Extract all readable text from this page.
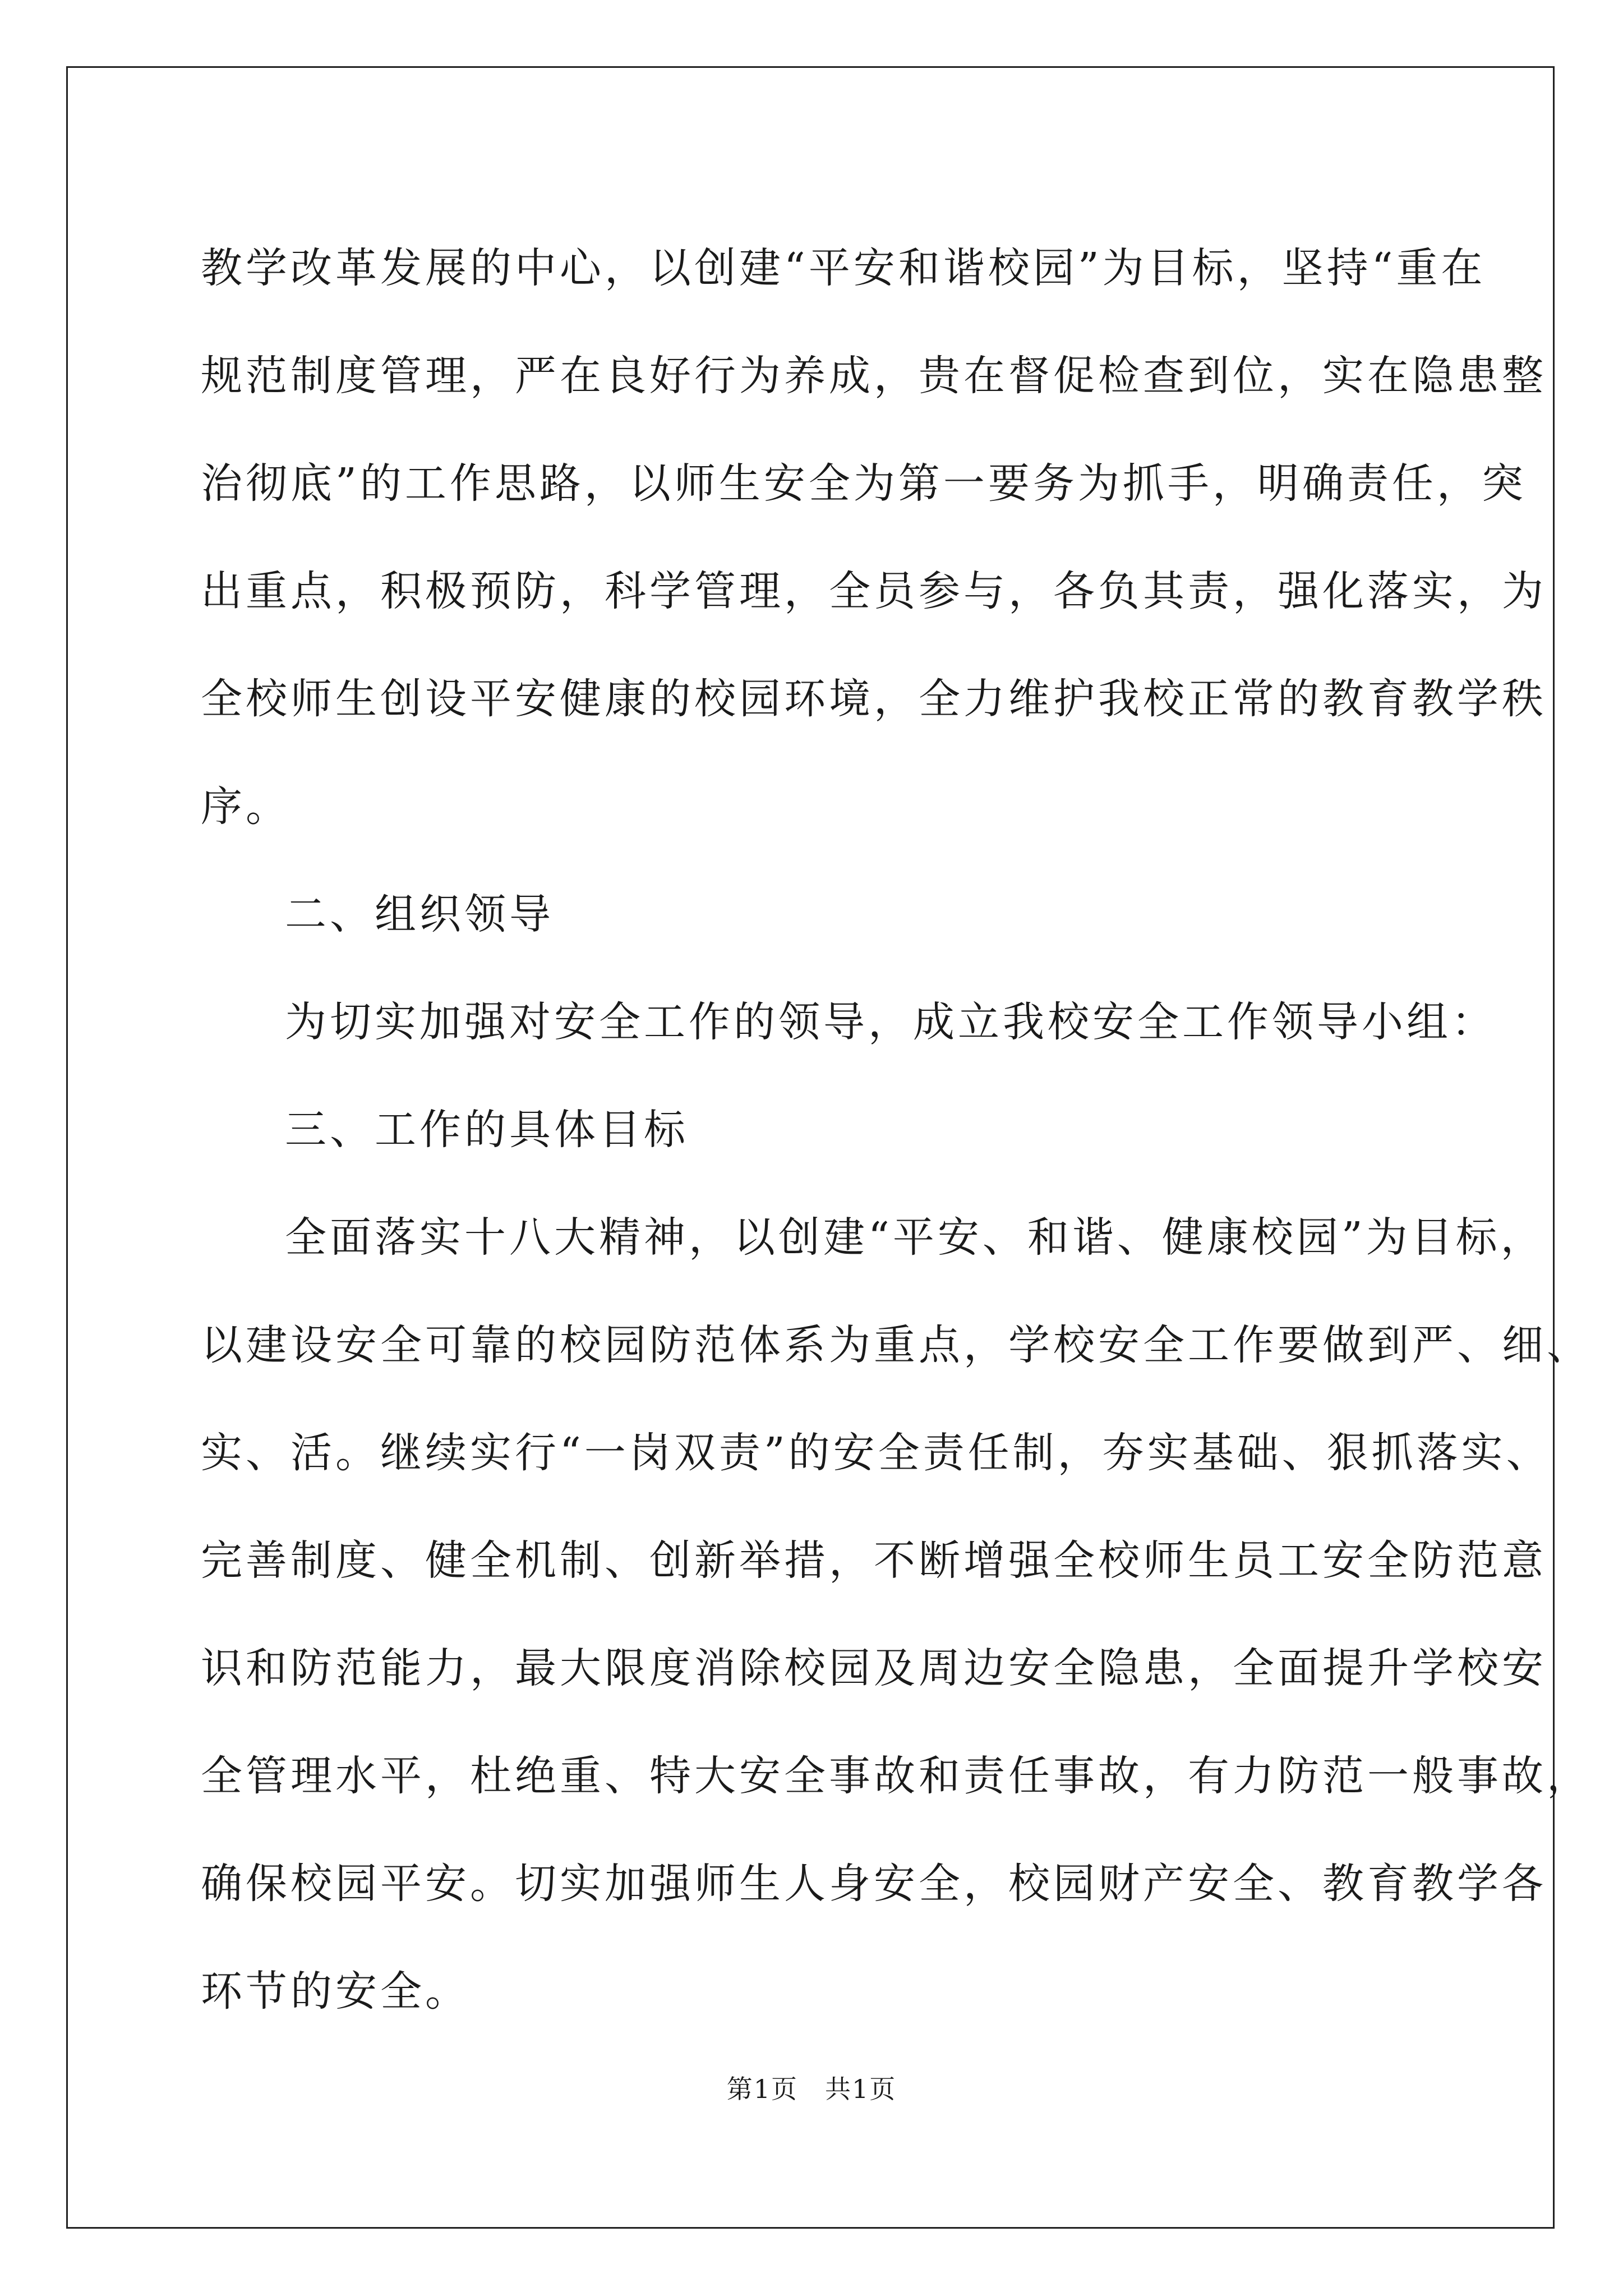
教学改革发展的中心，以创建“平安和谐校园”为目标，坚持“重在
规范制度管理，严在良好行为养成，贵在督促检查到位，实在隐患整
治彻底”的工作思路，以师生安全为第一要务为抓手，明确责任，突
出重点，积极预防，科学管理，全员参与，各负其责，强化落实，为
全校师生创设平安健康的校园环境，全力维护我校正常的教育教学秩
序。
二、组织领导
为切实加强对安全工作的领导，成立我校安全工作领导小组：
三、工作的具体目标
全面落实十八大精神，以创建“平安、和谐、健康校园”为目标，
以建设安全可靠的校园防范体系为重点，学校安全工作要做到严、细、
实、活。继续实行“一岗双责”的安全责任制，夯实基础、狠抓落实、
完善制度、健全机制、创新举措，不断增强全校师生员工安全防范意
识和防范能力，最大限度消除校园及周边安全隐患，全面提升学校安
全管理水平，杜绝重、特大安全事故和责任事故，有力防范一般事故，
确保校园平安。切实加强师生人身安全，校园财产安全、教育教学各
环节的安全。
第1页　共1页
